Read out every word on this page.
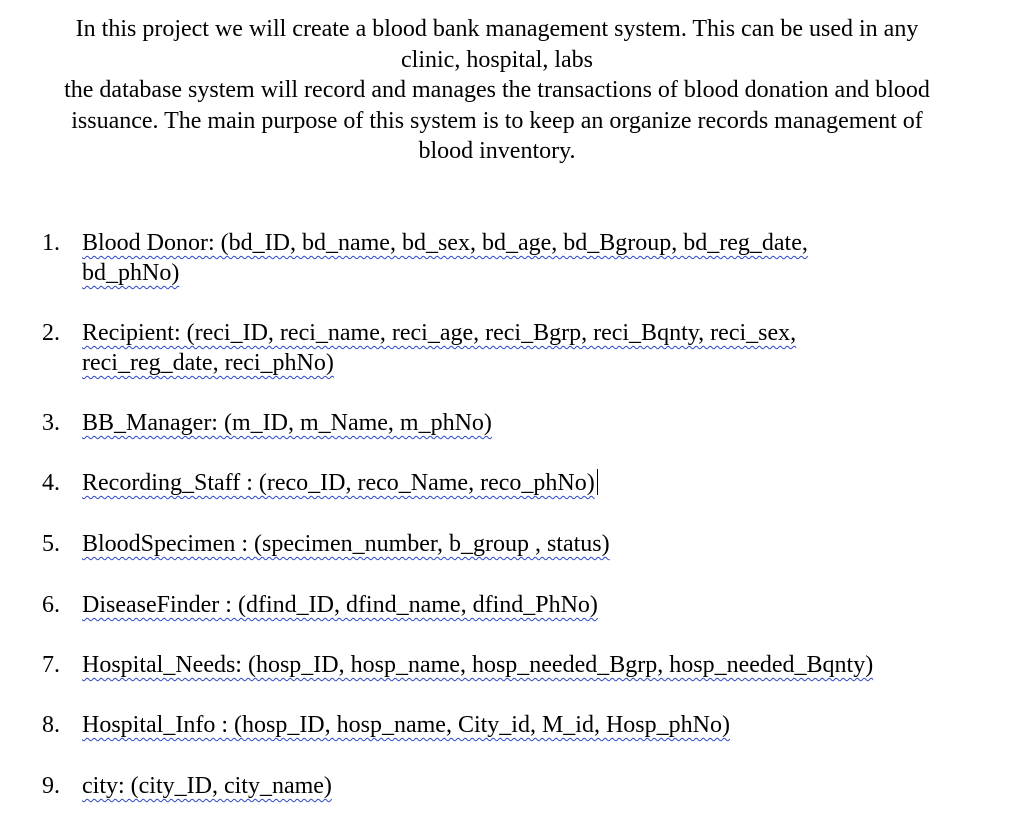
In this project we will create a blood bank management system. This can be used in any
clinic, hospital, labs
the database system will record and manages the transactions of blood donation and blood
issuance. The main purpose of this system is to keep an organize records management of
blood inventory.
1. Blood Donor: (bd_ID, bd_name, bd_sex, bd_age, bd_Bgroup, bd_reg_date,
bd_phNo)
2. Recipient: (reci_ID, reci_name, reci_age, reci_Bgrp, reci_Bqnty, reci_sex,
reci_reg_date, reci_phNo)
3. BB_Manager: (m_ID, m_Name, m_phNo)
4. Recording_Staff : (reco_ID, reco_Name, reco_phNo)
5. BloodSpecimen : (specimen_number, b_group , status)
6. DiseaseFinder : (dfind_ID, dfind_name, dfind_PhNo)
7. Hospital_Needs: (hosp_ID, hosp_name, hosp_needed_Bgrp, hosp_needed_Bqnty)
8. Hospital_Info : (hosp_ID, hosp_name, City_id, M_id, Hosp_phNo)
9. city: (city_ID, city_name)
